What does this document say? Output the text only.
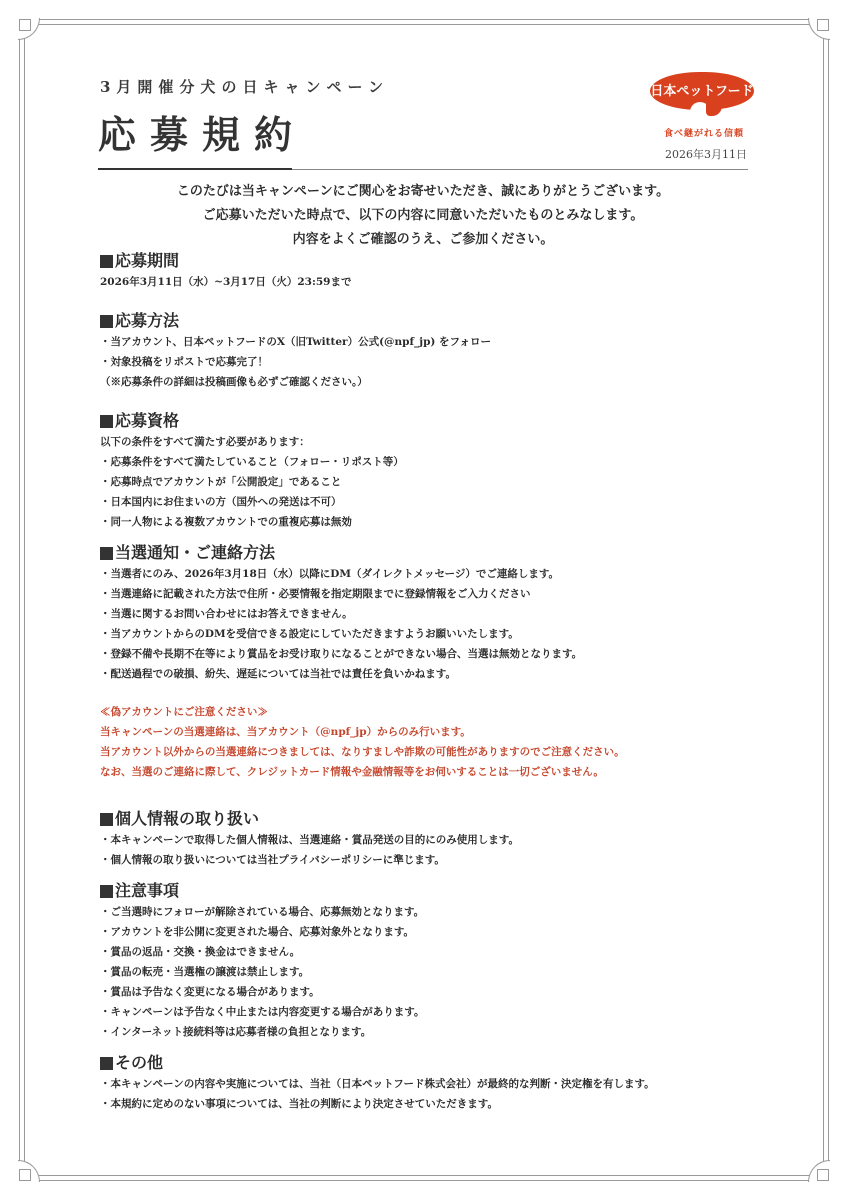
3月開催分犬の日キャンペーン
応募規約
日本ペットフード
食べ継がれる信頼
2026年3月11日
このたびは当キャンペーンにご関心をお寄せいただき、誠にありがとうございます。
ご応募いただいた時点で、以下の内容に同意いただいたものとみなします。
内容をよくご確認のうえ、ご参加ください。
応募期間
2026年3月11日（水）~3月17日（火）23:59まで
応募方法
・当アカウント、日本ペットフードのX（旧Twitter）公式(@npf_jp) をフォロー
・対象投稿をリポストで応募完了！
（※応募条件の詳細は投稿画像も必ずご確認ください。）
応募資格
以下の条件をすべて満たす必要があります：
・応募条件をすべて満たしていること（フォロー・リポスト等）
・応募時点でアカウントが「公開設定」であること
・日本国内にお住まいの方（国外への発送は不可）
・同一人物による複数アカウントでの重複応募は無効
当選通知・ご連絡方法
・当選者にのみ、2026年3月18日（水）以降にDM（ダイレクトメッセージ）でご連絡します。
・当選連絡に記載された方法で住所・必要情報を指定期限までに登録情報をご入力ください
・当選に関するお問い合わせにはお答えできません。
・当アカウントからのDMを受信できる設定にしていただきますようお願いいたします。
・登録不備や長期不在等により賞品をお受け取りになることができない場合、当選は無効となります。
・配送過程での破損、紛失、遅延については当社では責任を負いかねます。
≪偽アカウントにご注意ください≫
当キャンペーンの当選連絡は、当アカウント（@npf_jp）からのみ行います。
当アカウント以外からの当選連絡につきましては、なりすましや詐欺の可能性がありますのでご注意ください。
なお、当選のご連絡に際して、クレジットカード情報や金融情報等をお伺いすることは一切ございません。
個人情報の取り扱い
・本キャンペーンで取得した個人情報は、当選連絡・賞品発送の目的にのみ使用します。
・個人情報の取り扱いについては当社プライバシーポリシーに準じます。
注意事項
・ご当選時にフォローが解除されている場合、応募無効となります。
・アカウントを非公開に変更された場合、応募対象外となります。
・賞品の返品・交換・換金はできません。
・賞品の転売・当選権の譲渡は禁止します。
・賞品は予告なく変更になる場合があります。
・キャンペーンは予告なく中止または内容変更する場合があります。
・インターネット接続料等は応募者様の負担となります。
その他
・本キャンペーンの内容や実施については、当社（日本ペットフード株式会社）が最終的な判断・決定権を有します。
・本規約に定めのない事項については、当社の判断により決定させていただきます。
